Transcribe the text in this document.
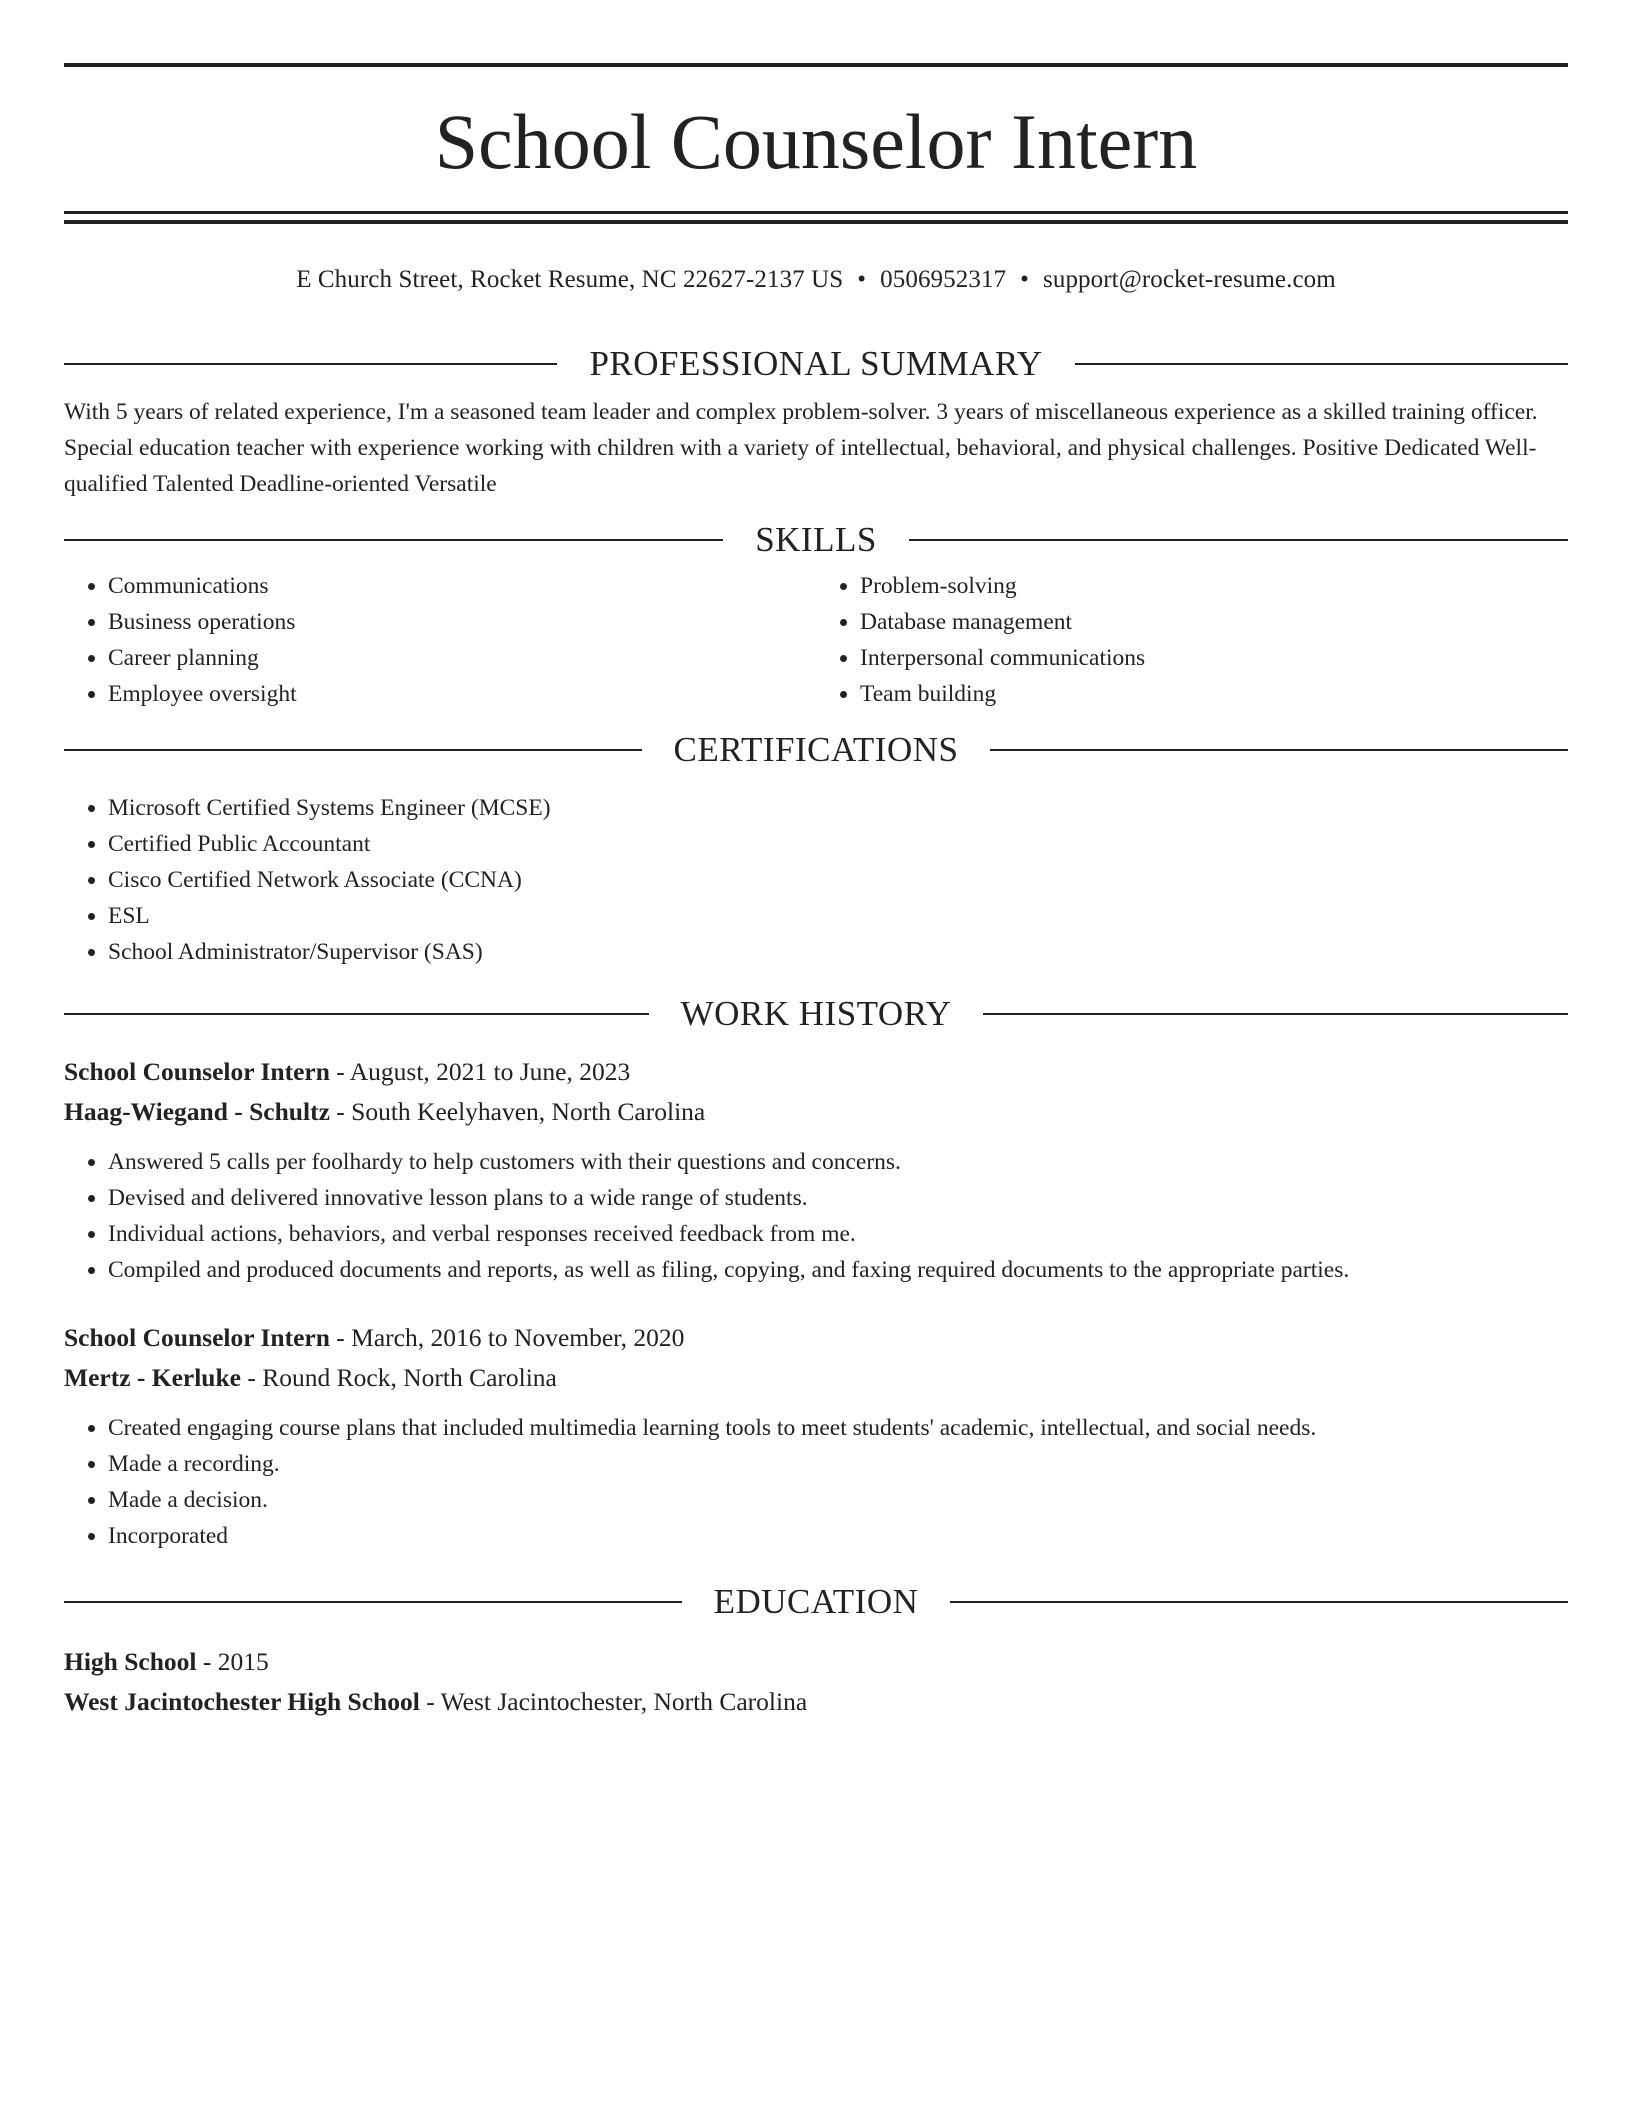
School Counselor Intern
E Church Street, Rocket Resume, NC 22627-2137 US • 0506952317 • support@rocket-resume.com
PROFESSIONAL SUMMARY

With 5 years of related experience, I'm a seasoned team leader and complex problem-solver. 3 years of miscellaneous experience as a skilled training officer. Special education teacher with experience working with children with a variety of intellectual, behavioral, and physical challenges. Positive Dedicated Well-qualified Talented Deadline-oriented Versatile

SKILLS
• Communications
• Business operations
• Career planning
• Employee oversight
• Problem-solving
• Database management
• Interpersonal communications
• Team building
CERTIFICATIONS
• Microsoft Certified Systems Engineer (MCSE)
• Certified Public Accountant
• Cisco Certified Network Associate (CCNA)
• ESL
• School Administrator/Supervisor (SAS)
WORK HISTORY

School Counselor Intern - August, 2021 to June, 2023

Haag-Wiegand - Schultz - South Keelyhaven, North Carolina

• Answered 5 calls per foolhardy to help customers with their questions and concerns.
• Devised and delivered innovative lesson plans to a wide range of students.
• Individual actions, behaviors, and verbal responses received feedback from me.
• Compiled and produced documents and reports, as well as filing, copying, and faxing required documents to the appropriate parties.

School Counselor Intern - March, 2016 to November, 2020

Mertz - Kerluke - Round Rock, North Carolina

• Created engaging course plans that included multimedia learning tools to meet students' academic, intellectual, and social needs.
• Made a recording.
• Made a decision.
• Incorporated
EDUCATION

High School - 2015

West Jacintochester High School - West Jacintochester, North Carolina
